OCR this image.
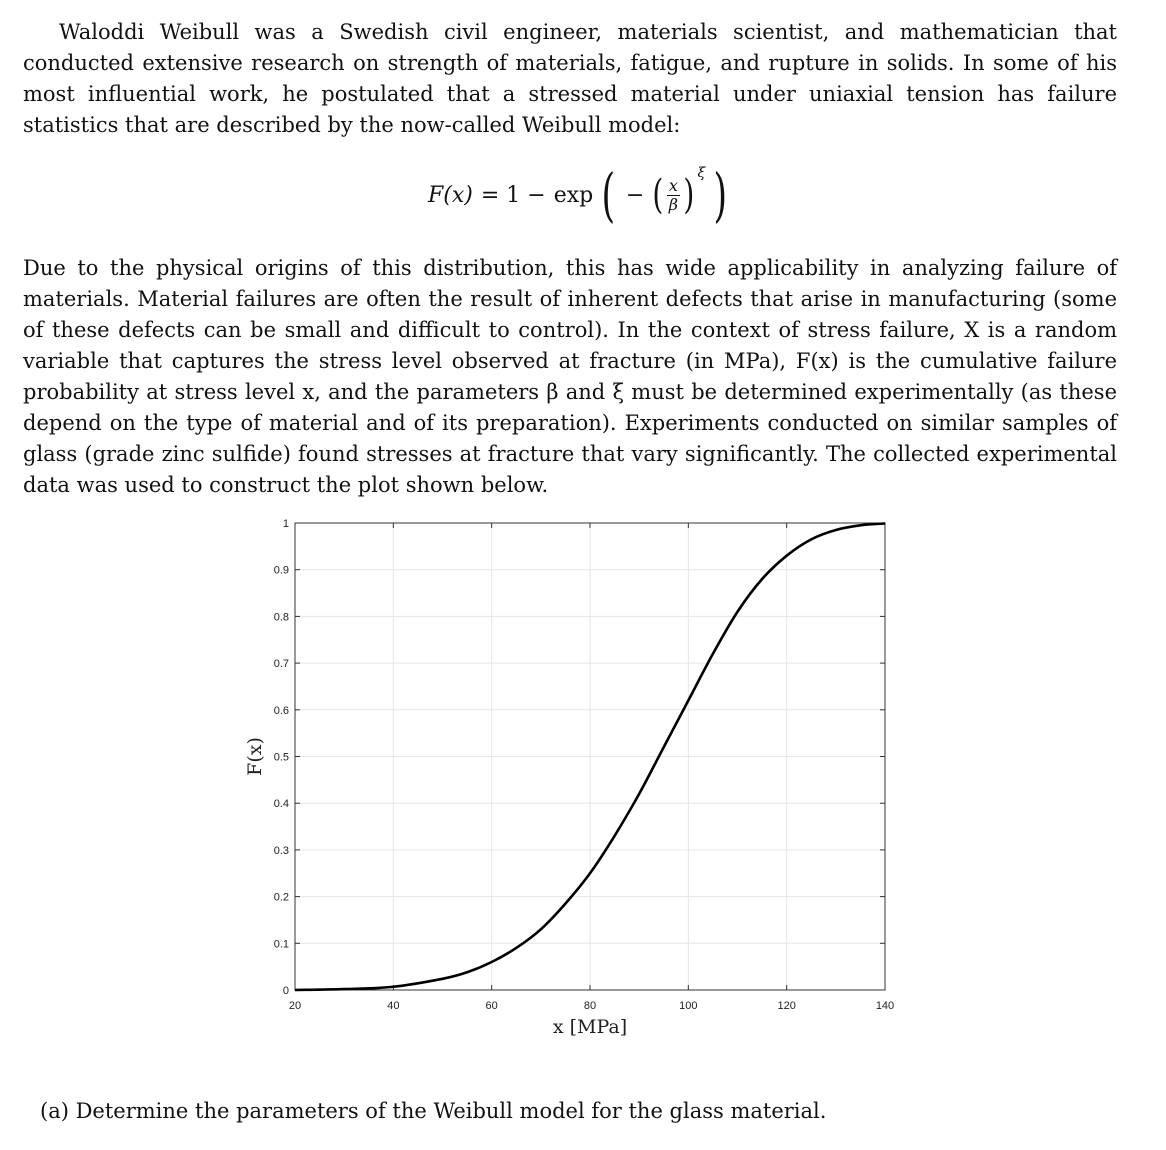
Waloddi Weibull was a Swedish civil engineer, materials scientist, and mathematician that conducted extensive research on strength of materials, fatigue, and rupture in solids. In some of his most influential work, he postulated that a stressed material under uniaxial tension has failure statistics that are described by the now-called Weibull model:

F(x) = 1 − exp ( − ( $\frac{x}{\beta}$ ) ξ )

Due to the physical origins of this distribution, this has wide applicability in analyzing failure of materials. Material failures are often the result of inherent defects that arise in manufacturing (some of these defects can be small and difficult to control). In the context of stress failure, X is a random variable that captures the stress level observed at fracture (in MPa), F(x) is the cumulative failure probability at stress level x, and the parameters β and ξ must be determined experimentally (as these depend on the type of material and of its preparation). Experiments conducted on similar samples of glass (grade zinc sulfide) found stresses at fracture that vary significantly. The collected experimental data was used to construct the plot shown below.

20	40	60	80	100	120	140
0
0.1
0.2
0.3
0.4
0.5
0.6
0.7
0.8
0.9
1
x [MPa]
F(x)

(a) Determine the parameters of the Weibull model for the glass material.
